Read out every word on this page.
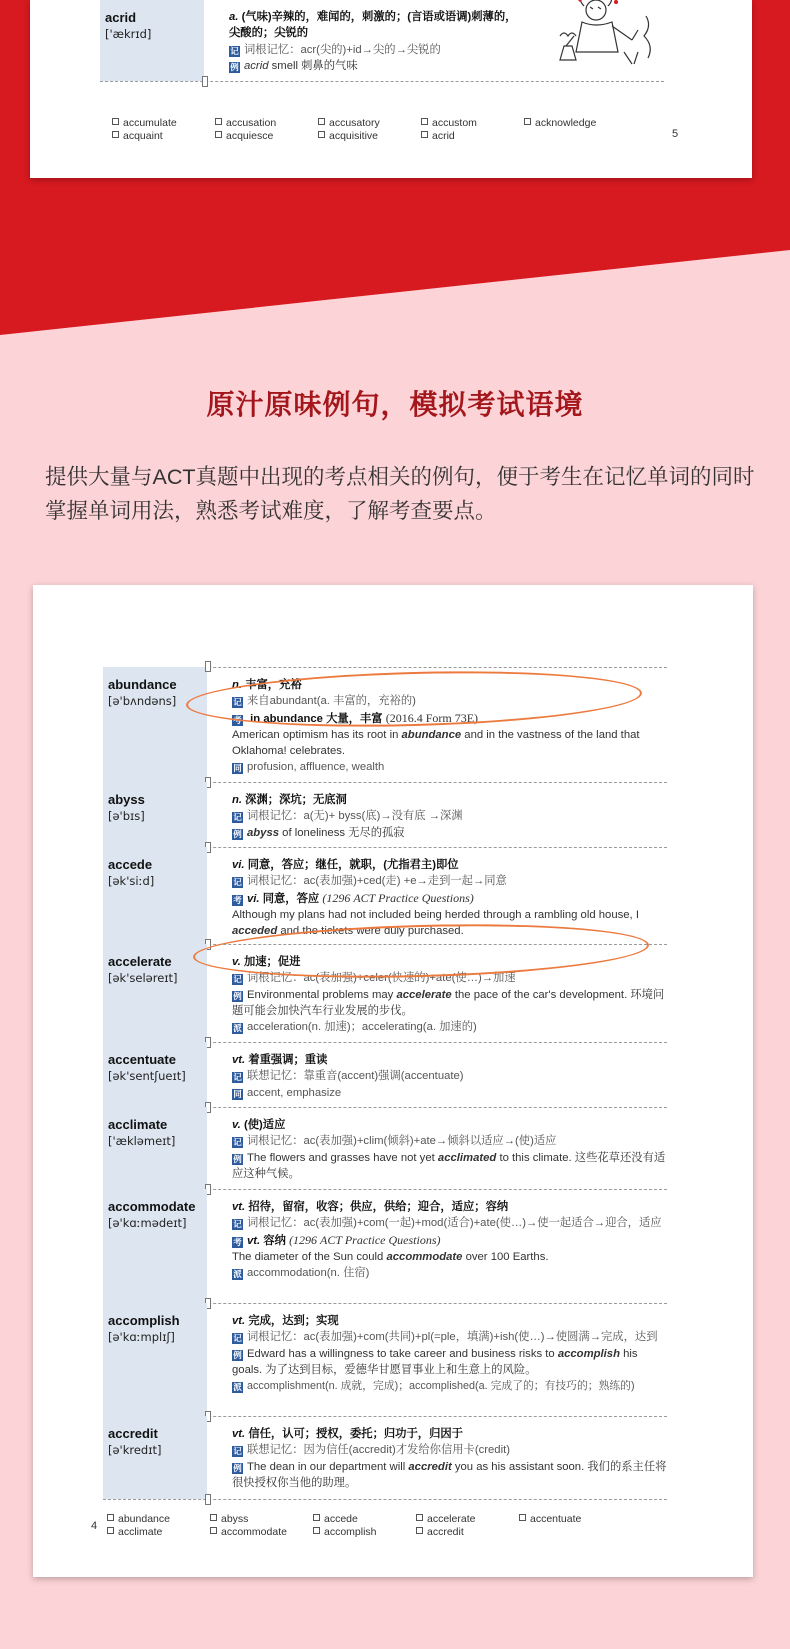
acrid
['ækrɪd]
a. (气味)辛辣的，难闻的，刺激的；(言语或语调)刺薄的，
尖酸的；尖锐的
记 词根记忆：acr(尖的)+id→尖的→尖锐的
例 acrid smell 刺鼻的气味
accumulate	accusation	accusatory	accustom	acknowledge
acquaint	acquiesce	acquisitive	acrid	5
原汁原味例句，模拟考试语境
提供大量与ACT真题中出现的考点相关的例句，便于考生在记忆单词的同时掌握单词用法，熟悉考试难度，了解考查要点。
abundance
[ə'bʌndəns]
n. 丰富，充裕
记 来自abundant(a. 丰富的，充裕的)
考 in abundance 大量，丰富 (2016.4 Form 73E)
American optimism has its root in abundance and in the vastness of the land that Oklahoma! celebrates.
同 profusion, affluence, wealth
abyss
[ə'bɪs]
n. 深渊；深坑；无底洞
记 词根记忆：a(无)+ byss(底)→没有底 →深渊
例 abyss of loneliness 无尽的孤寂
accede
[ək'siːd]
vi. 同意，答应；继任，就职，(尤指君主)即位
记 词根记忆：ac(表加强)+ced(走) +e→走到一起→同意
考 vi. 同意，答应 (1296 ACT Practice Questions)
Although my plans had not included being herded through a rambling old house, I acceded and the tickets were duly purchased.
accelerate
[ək'seləreɪt]
v. 加速；促进
记 词根记忆：ac(表加强)+celer(快速的)+ate(使…)→加速
例 Environmental problems may accelerate the pace of the car's development. 环境问题可能会加快汽车行业发展的步伐。
派 acceleration(n. 加速)；accelerating(a. 加速的)
accentuate
[ək'sentʃueɪt]
vt. 着重强调；重读
记 联想记忆：靠重音(accent)强调(accentuate)
同 accent, emphasize
acclimate
['ækləmeɪt]
v. (使)适应
记 词根记忆：ac(表加强)+clim(倾斜)+ate→倾斜以适应→(使)适应
例 The flowers and grasses have not yet acclimated to this climate. 这些花草还没有适应这种气候。
accommodate
[ə'kɑːmədeɪt]
vt. 招待，留宿，收容；供应，供给；迎合，适应；容纳
记 词根记忆：ac(表加强)+com(一起)+mod(适合)+ate(使…)→使一起适合→迎合，适应
考 vt. 容纳 (1296 ACT Practice Questions)
The diameter of the Sun could accommodate over 100 Earths.
派 accommodation(n. 住宿)
accomplish
[ə'kɑːmplɪʃ]
vt. 完成，达到；实现
记 词根记忆：ac(表加强)+com(共同)+pl(=ple，填满)+ish(使…)→使圆满→完成，达到
例 Edward has a willingness to take career and business risks to accomplish his goals. 为了达到目标，爱德华甘愿冒事业上和生意上的风险。
派 accomplishment(n. 成就，完成)；accomplished(a. 完成了的；有技巧的；熟练的)
accredit
[ə'kredɪt]
vt. 信任，认可；授权，委托；归功于，归因于
记 联想记忆：因为信任(accredit)才发给你信用卡(credit)
例 The dean in our department will accredit you as his assistant soon. 我们的系主任将很快授权你当他的助理。
4
abundance	abyss	accede	accelerate	accentuate
acclimate	accommodate	accomplish	accredit
